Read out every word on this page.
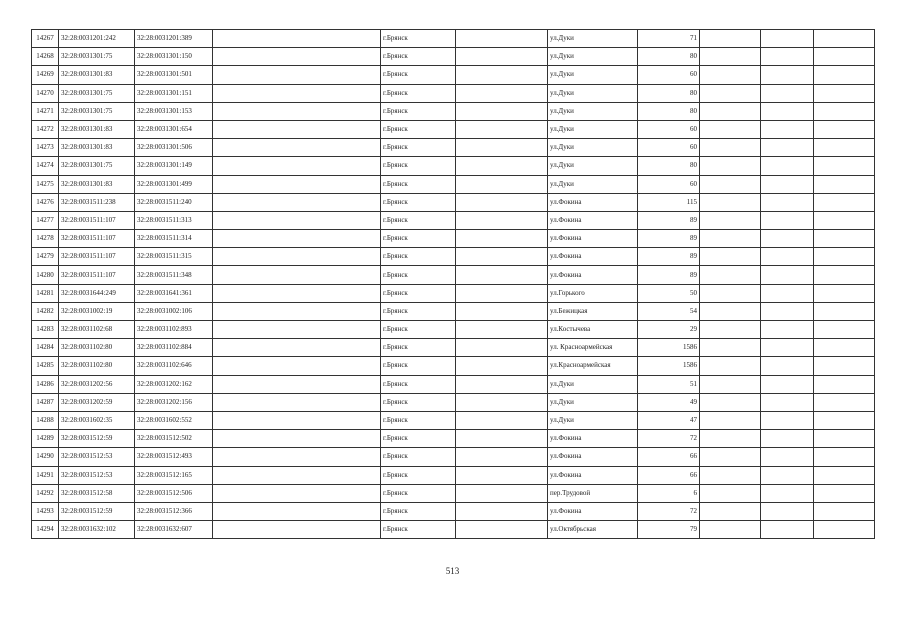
14267	32:28:0031201:242	32:28:0031201:389		г.Брянск		ул.Дуки	71			
14268	32:28:0031301:75	32:28:0031301:150		г.Брянск		ул.Дуки	80			
14269	32:28:0031301:83	32:28:0031301:501		г.Брянск		ул.Дуки	60			
14270	32:28:0031301:75	32:28:0031301:151		г.Брянск		ул.Дуки	80			
14271	32:28:0031301:75	32:28:0031301:153		г.Брянск		ул.Дуки	80			
14272	32:28:0031301:83	32:28:0031301:654		г.Брянск		ул.Дуки	60			
14273	32:28:0031301:83	32:28:0031301:506		г.Брянск		ул.Дуки	60			
14274	32:28:0031301:75	32:28:0031301:149		г.Брянск		ул.Дуки	80			
14275	32:28:0031301:83	32:28:0031301:499		г.Брянск		ул.Дуки	60			
14276	32:28:0031511:238	32:28:0031511:240		г.Брянск		ул.Фокина	115			
14277	32:28:0031511:107	32:28:0031511:313		г.Брянск		ул.Фокина	89			
14278	32:28:0031511:107	32:28:0031511:314		г.Брянск		ул.Фокина	89			
14279	32:28:0031511:107	32:28:0031511:315		г.Брянск		ул.Фокина	89			
14280	32:28:0031511:107	32:28:0031511:348		г.Брянск		ул.Фокина	89			
14281	32:28:0031644:249	32:28:0031641:361		г.Брянск		ул.Горького	50			
14282	32:28:0031002:19	32:28:0031002:106		г.Брянск		ул.Бежицкая	54			
14283	32:28:0031102:68	32:28:0031102:893		г.Брянск		ул.Костычева	29			
14284	32:28:0031102:80	32:28:0031102:884		г.Брянск		ул. Красноармейская	1586			
14285	32:28:0031102:80	32:28:0031102:646		г.Брянск		ул.Красноармейская	1586			
14286	32:28:0031202:56	32:28:0031202:162		г.Брянск		ул.Дуки	51			
14287	32:28:0031202:59	32:28:0031202:156		г.Брянск		ул.Дуки	49			
14288	32:28:0031602:35	32:28:0031602:552		г.Брянск		ул.Дуки	47			
14289	32:28:0031512:59	32:28:0031512:502		г.Брянск		ул.Фокина	72			
14290	32:28:0031512:53	32:28:0031512:493		г.Брянск		ул.Фокина	66			
14291	32:28:0031512:53	32:28:0031512:165		г.Брянск		ул.Фокина	66			
14292	32:28:0031512:58	32:28:0031512:506		г.Брянск		пер.Трудовой	6			
14293	32:28:0031512:59	32:28:0031512:366		г.Брянск		ул.Фокина	72			
14294	32:28:0031632:102	32:28:0031632:607		г.Брянск		ул.Октябрьская	79			
513
